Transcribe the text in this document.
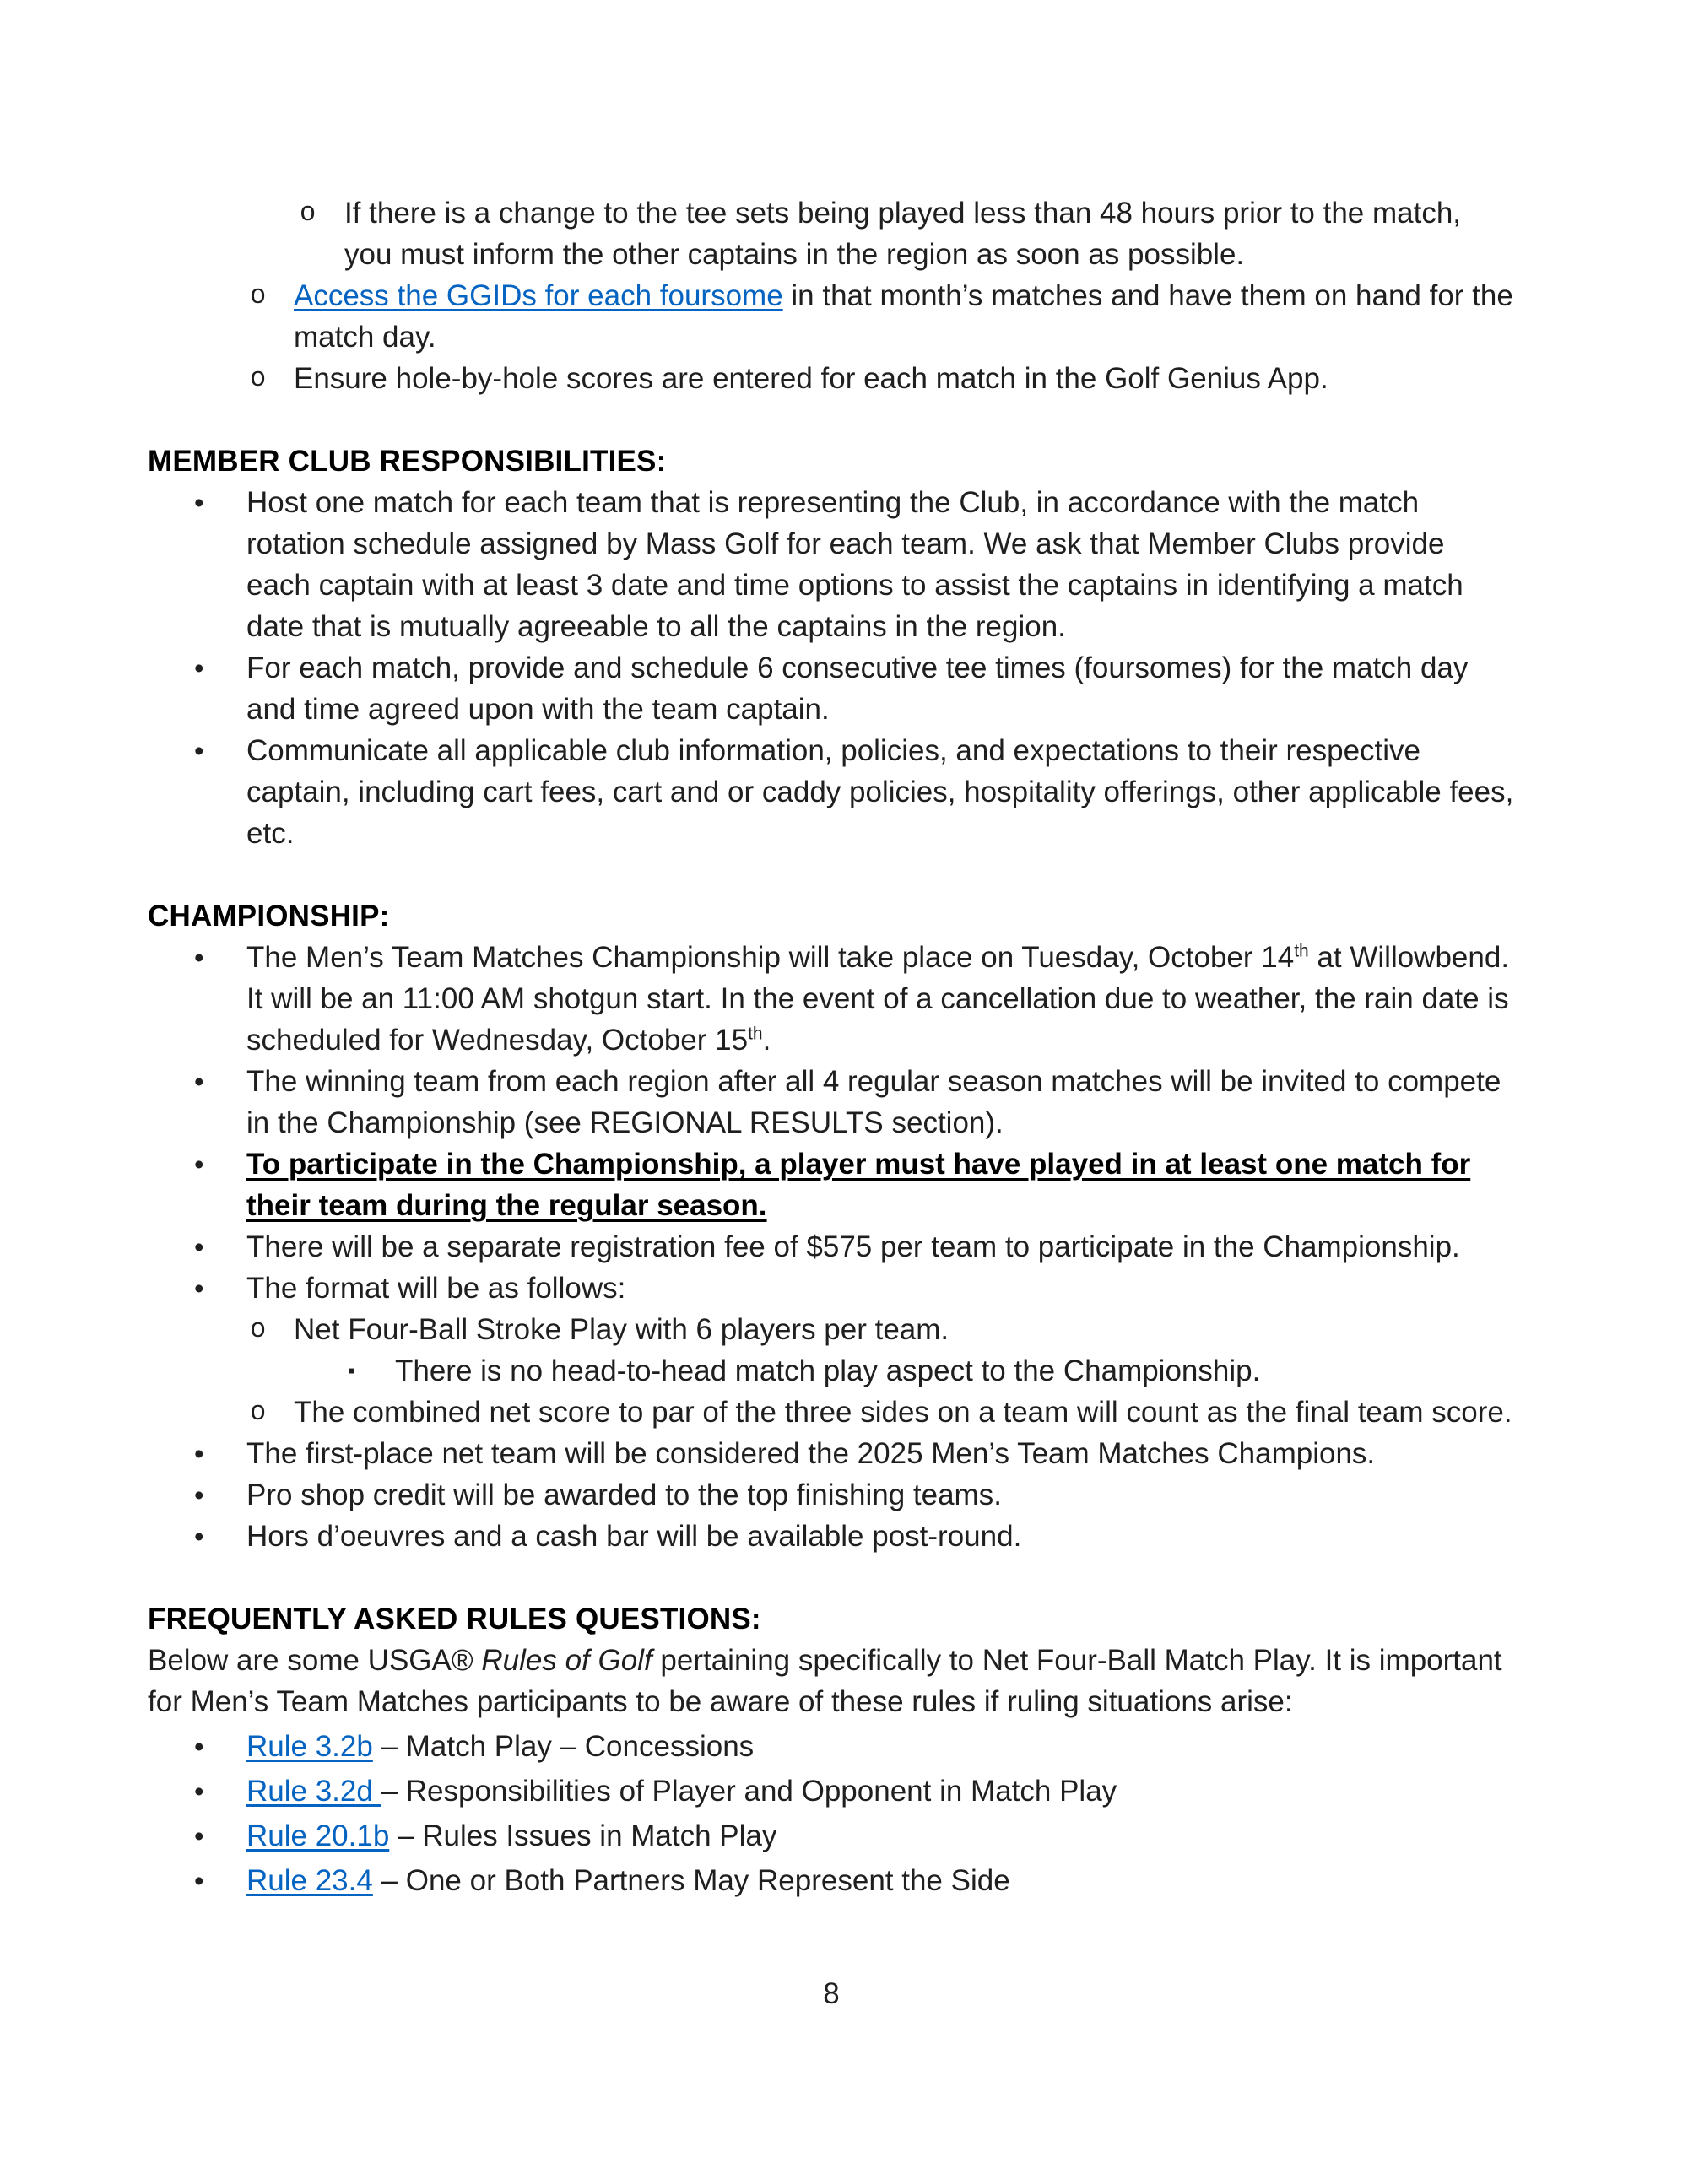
o If there is a change to the tee sets being played less than 48 hours prior to the match, you must inform the other captains in the region as soon as possible.
o Access the GGIDs for each foursome in that month’s matches and have them on hand for the match day.
o Ensure hole-by-hole scores are entered for each match in the Golf Genius App.
MEMBER CLUB RESPONSIBILITIES:
• Host one match for each team that is representing the Club, in accordance with the match rotation schedule assigned by Mass Golf for each team. We ask that Member Clubs provide each captain with at least 3 date and time options to assist the captains in identifying a match date that is mutually agreeable to all the captains in the region.
• For each match, provide and schedule 6 consecutive tee times (foursomes) for the match day and time agreed upon with the team captain.
• Communicate all applicable club information, policies, and expectations to their respective captain, including cart fees, cart and or caddy policies, hospitality offerings, other applicable fees, etc.
CHAMPIONSHIP:
• The Men’s Team Matches Championship will take place on Tuesday, October 14th at Willowbend. It will be an 11:00 AM shotgun start. In the event of a cancellation due to weather, the rain date is scheduled for Wednesday, October 15th.
• The winning team from each region after all 4 regular season matches will be invited to compete in the Championship (see REGIONAL RESULTS section).
• To participate in the Championship, a player must have played in at least one match for their team during the regular season.
• There will be a separate registration fee of $575 per team to participate in the Championship.
• The format will be as follows:
o Net Four-Ball Stroke Play with 6 players per team.
▪ There is no head-to-head match play aspect to the Championship.
o The combined net score to par of the three sides on a team will count as the final team score.
• The first-place net team will be considered the 2025 Men’s Team Matches Champions.
• Pro shop credit will be awarded to the top finishing teams.
• Hors d’oeuvres and a cash bar will be available post-round.
FREQUENTLY ASKED RULES QUESTIONS:
Below are some USGA® Rules of Golf pertaining specifically to Net Four-Ball Match Play. It is important for Men’s Team Matches participants to be aware of these rules if ruling situations arise:
• Rule 3.2b – Match Play – Concessions
• Rule 3.2d – Responsibilities of Player and Opponent in Match Play
• Rule 20.1b – Rules Issues in Match Play
• Rule 23.4 – One or Both Partners May Represent the Side
8
